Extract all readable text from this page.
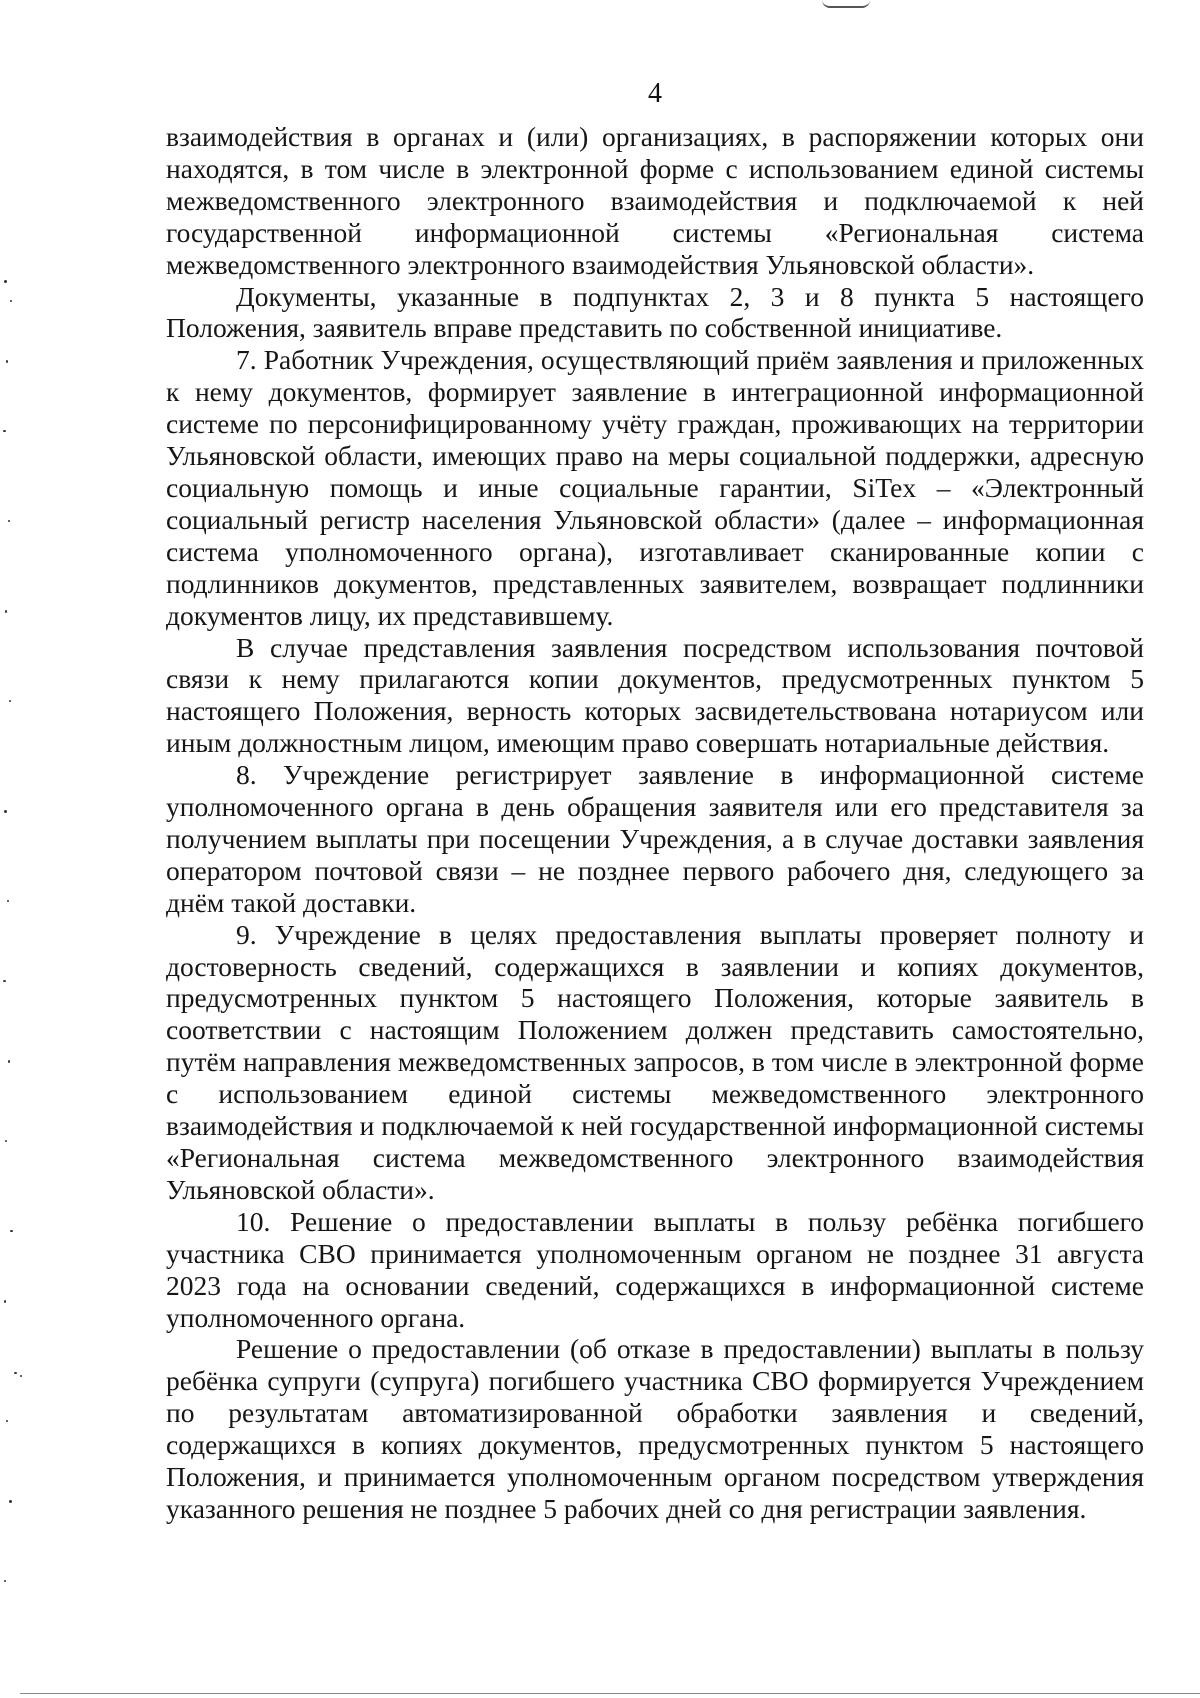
4

взаимодействия в органах и (или) организациях, в распоряжении которых они находятся, в том числе в электронной форме с использованием единой системы межведомственного электронного взаимодействия и подключаемой к ней государственной информационной системы «Региональная система межведомственного электронного взаимодействия Ульяновской области».

Документы, указанные в подпунктах 2, 3 и 8 пункта 5 настоящего Положения, заявитель вправе представить по собственной инициативе.

7. Работник Учреждения, осуществляющий приём заявления и приложенных к нему документов, формирует заявление в интеграционной информационной системе по персонифицированному учёту граждан, проживающих на территории Ульяновской области, имеющих право на меры социальной поддержки, адресную социальную помощь и иные социальные гарантии, SiTex – «Электронный социальный регистр населения Ульяновской области» (далее – информационная система уполномоченного органа), изготавливает сканированные копии с подлинников документов, представленных заявителем, возвращает подлинники документов лицу, их представившему.

В случае представления заявления посредством использования почтовой связи к нему прилагаются копии документов, предусмотренных пунктом 5 настоящего Положения, верность которых засвидетельствована нотариусом или иным должностным лицом, имеющим право совершать нотариальные действия.

8. Учреждение регистрирует заявление в информационной системе уполномоченного органа в день обращения заявителя или его представителя за получением выплаты при посещении Учреждения, а в случае доставки заявления оператором почтовой связи – не позднее первого рабочего дня, следующего за днём такой доставки.

9. Учреждение в целях предоставления выплаты проверяет полноту и достоверность сведений, содержащихся в заявлении и копиях документов, предусмотренных пунктом 5 настоящего Положения, которые заявитель в соответствии с настоящим Положением должен представить самостоятельно, путём направления межведомственных запросов, в том числе в электронной форме с использованием единой системы межведомственного электронного взаимодействия и подключаемой к ней государственной информационной системы «Региональная система межведомственного электронного взаимодействия Ульяновской области».

10. Решение о предоставлении выплаты в пользу ребёнка погибшего участника СВО принимается уполномоченным органом не позднее 31 августа 2023 года на основании сведений, содержащихся в информационной системе уполномоченного органа.

Решение о предоставлении (об отказе в предоставлении) выплаты в пользу ребёнка супруги (супруга) погибшего участника СВО формируется Учреждением по результатам автоматизированной обработки заявления и сведений, содержащихся в копиях документов, предусмотренных пунктом 5 настоящего Положения, и принимается уполномоченным органом посредством утверждения указанного решения не позднее 5 рабочих дней со дня регистрации заявления.
